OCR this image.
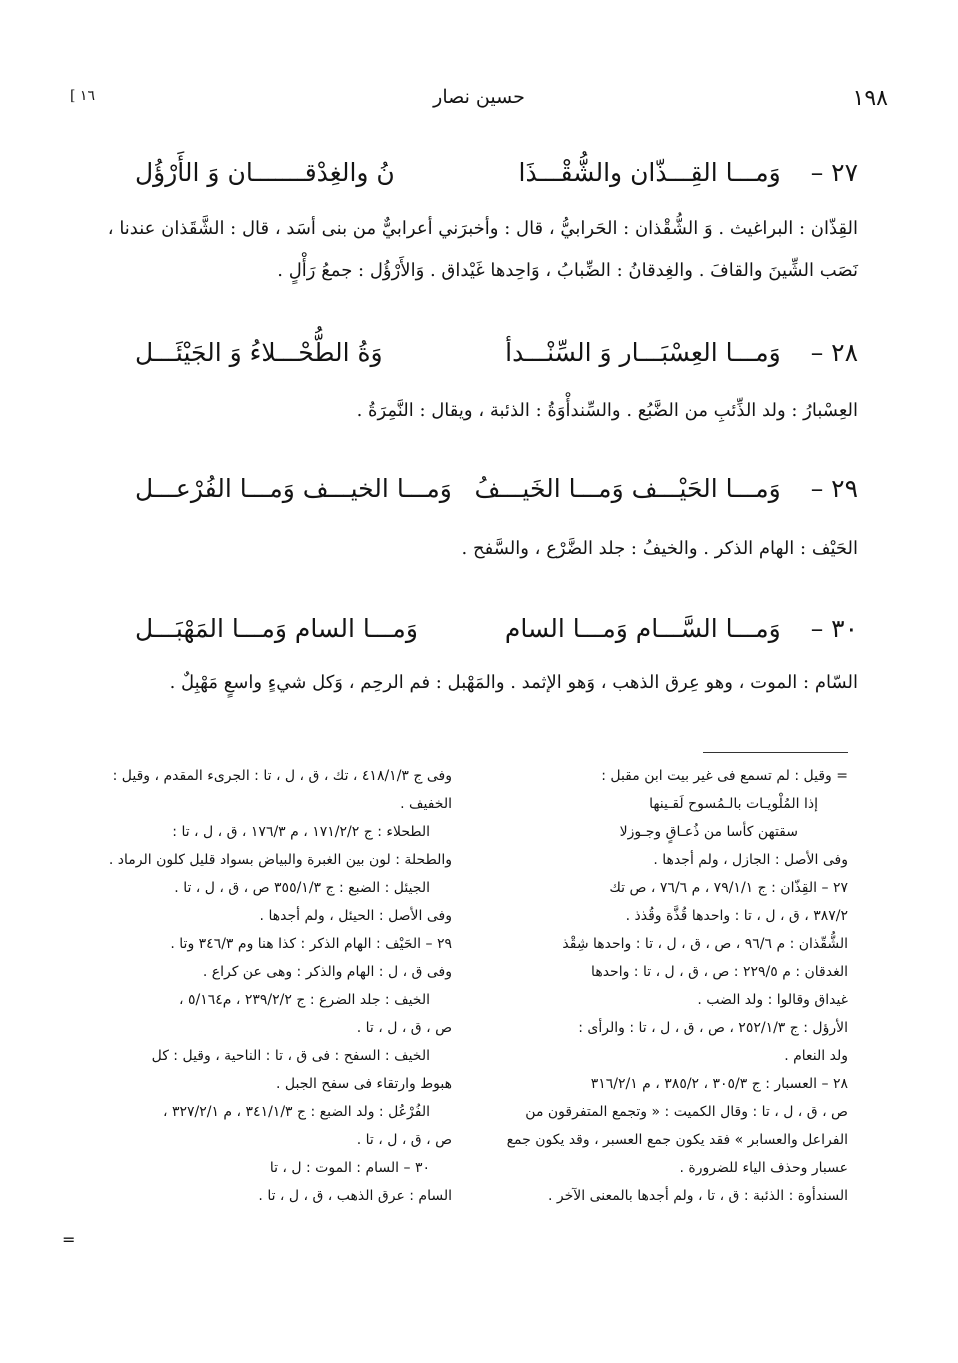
١٩٨
حسين نصار
[ ١٦
٢٧ –
وَمـــا القِـــذّان والشُّقْـــذَا
نُ والغِدْقـــــــان وَ الأَرْؤُل
القِذّان : البراغيث . وَ الشُّقْذان : الحَرابيُّ ، قال : وأخبرَني أعرابيٌّ من بنى أسَد ، قال : الشَّقَذان عندنا ،
نَصَب الشِّينَ والقافَ . والغِدقانُ : الضِّبابُ ، وَاحِدها غَيْداق . وَالأَرْؤُل : جمعُ رَأْلٍ .
٢٨ –
وَمـــا العِسْبَـــار وَ السِّنْـــدأ
وَةُ الطُّحْـــلاءُ وَ الجَيْئَـــل
العِسْبارُ : ولد الذِّئبِ من الضَّبُع . والسِّندأْوَةُ : الذئبة ، ويقال : النَّمِرَةُ .
٢٩ –
وَمـــا الحَيْـــف وَمـــا الخَيـــفُ
وَمـــا الخيـــف وَمـــا الفُرْعـــل
الحَيْف : الهام الذكر . والخيفُ : جلد الضَّرْع ، والسَّفح .
٣٠ –
وَمـــا السَّـــام وَمـــا السام
وَمـــا السام وَمـــا المَهْبَـــل
السّام : الموت ، وهو عِرق الذهب ، وَهو الإثمد . والمَهْبل : فم الرحِم ، وَكل شيءٍ واسعٍ مَهْبِلٌ .
= وقيل : لم تسمع فى غير بيت ابن مقبل :
إذا المُلْويـات بالـمُسوح لَقـينها
سقتهن كأسا من ذُعـاقٍ وجـوزلا
وفى الأصل : الجازل ، ولم أجدها .
٢٧ – القِذّان : ج ٧٩/١/١ ، م ٧٦/٦ ، ص تك
٣٨٧/٢ ، ق ، ل ، تا : واحدها قُذَّة وقُذذ .
الشُّقّذان : م ٩٦/٦ ، ص ، ق ، ل ، تا : واحدها شِقْذ
الغدقان : م ٢٢٩/٥ : ص ، ق ، ل ، تا : واحدها
غيداق وقالوا : ولد الضب .
الأرؤل : ج ٢٥٢/١/٣ ، ص ، ق ، ل ، تا : والرأى :
ولد النعام .
٢٨ – العسبار : ج ٣٠٥/٣ ، ٣٨٥/٢ ، م ٣١٦/٢/١
ص ، ق ، ل ، تا : وقال الكميت : « وتجمع المتفرقون من
الفراعل والعسابر » فقد يكون جمع العسبر ، وقد يكون جمع
عسبار وحذف الياء للضرورة .
السندأوة : الذئبة : ق ، تا ، ولم أجدها بالمعنى الآخر .
وفى ج ٤١٨/١/٣ ، تك ، ق ، ل ، تا : الجرىء المقدم ، وقيل :
الخفيف .
الطحلاء : ج ١٧١/٢/٢ ، م ١٧٦/٣ ، ق ، ل ، تا :
والطحلة : لون بين الغبرة والبياض بسواد قليل كلون الرماد .
الجيئل : الضبع : ج ٣٥٥/١/٣ ص ، ق ، ل ، تا .
وفى الأصل : الحيئل ، ولم أجدها .
٢٩ – الحَيْف : الهام الذكر : كذا هنا وم ٣٤٦/٣ وتا .
وفى ق ، ل : الهام والذكر : وهى عن كراع .
الخيف : جلد الضرع : ج ٢٣٩/٢/٢ ، م٥/١٦٤ ،
ص ، ق ، ل ، تا .
الخيف : السفح : فى ق ، تا : الناحية ، وقيل : كل
هبوط وارتقاء فى سفح الجبل .
الفُرْعُل : ولد الضبع : ج ٣٤١/١/٣ ، م ٣٢٧/٢/١ ،
ص ، ق ، ل ، تا .
٣٠ – السام : الموت : ل ، تا
السام : عرق الذهب ، ق ، ل ، تا .
=
